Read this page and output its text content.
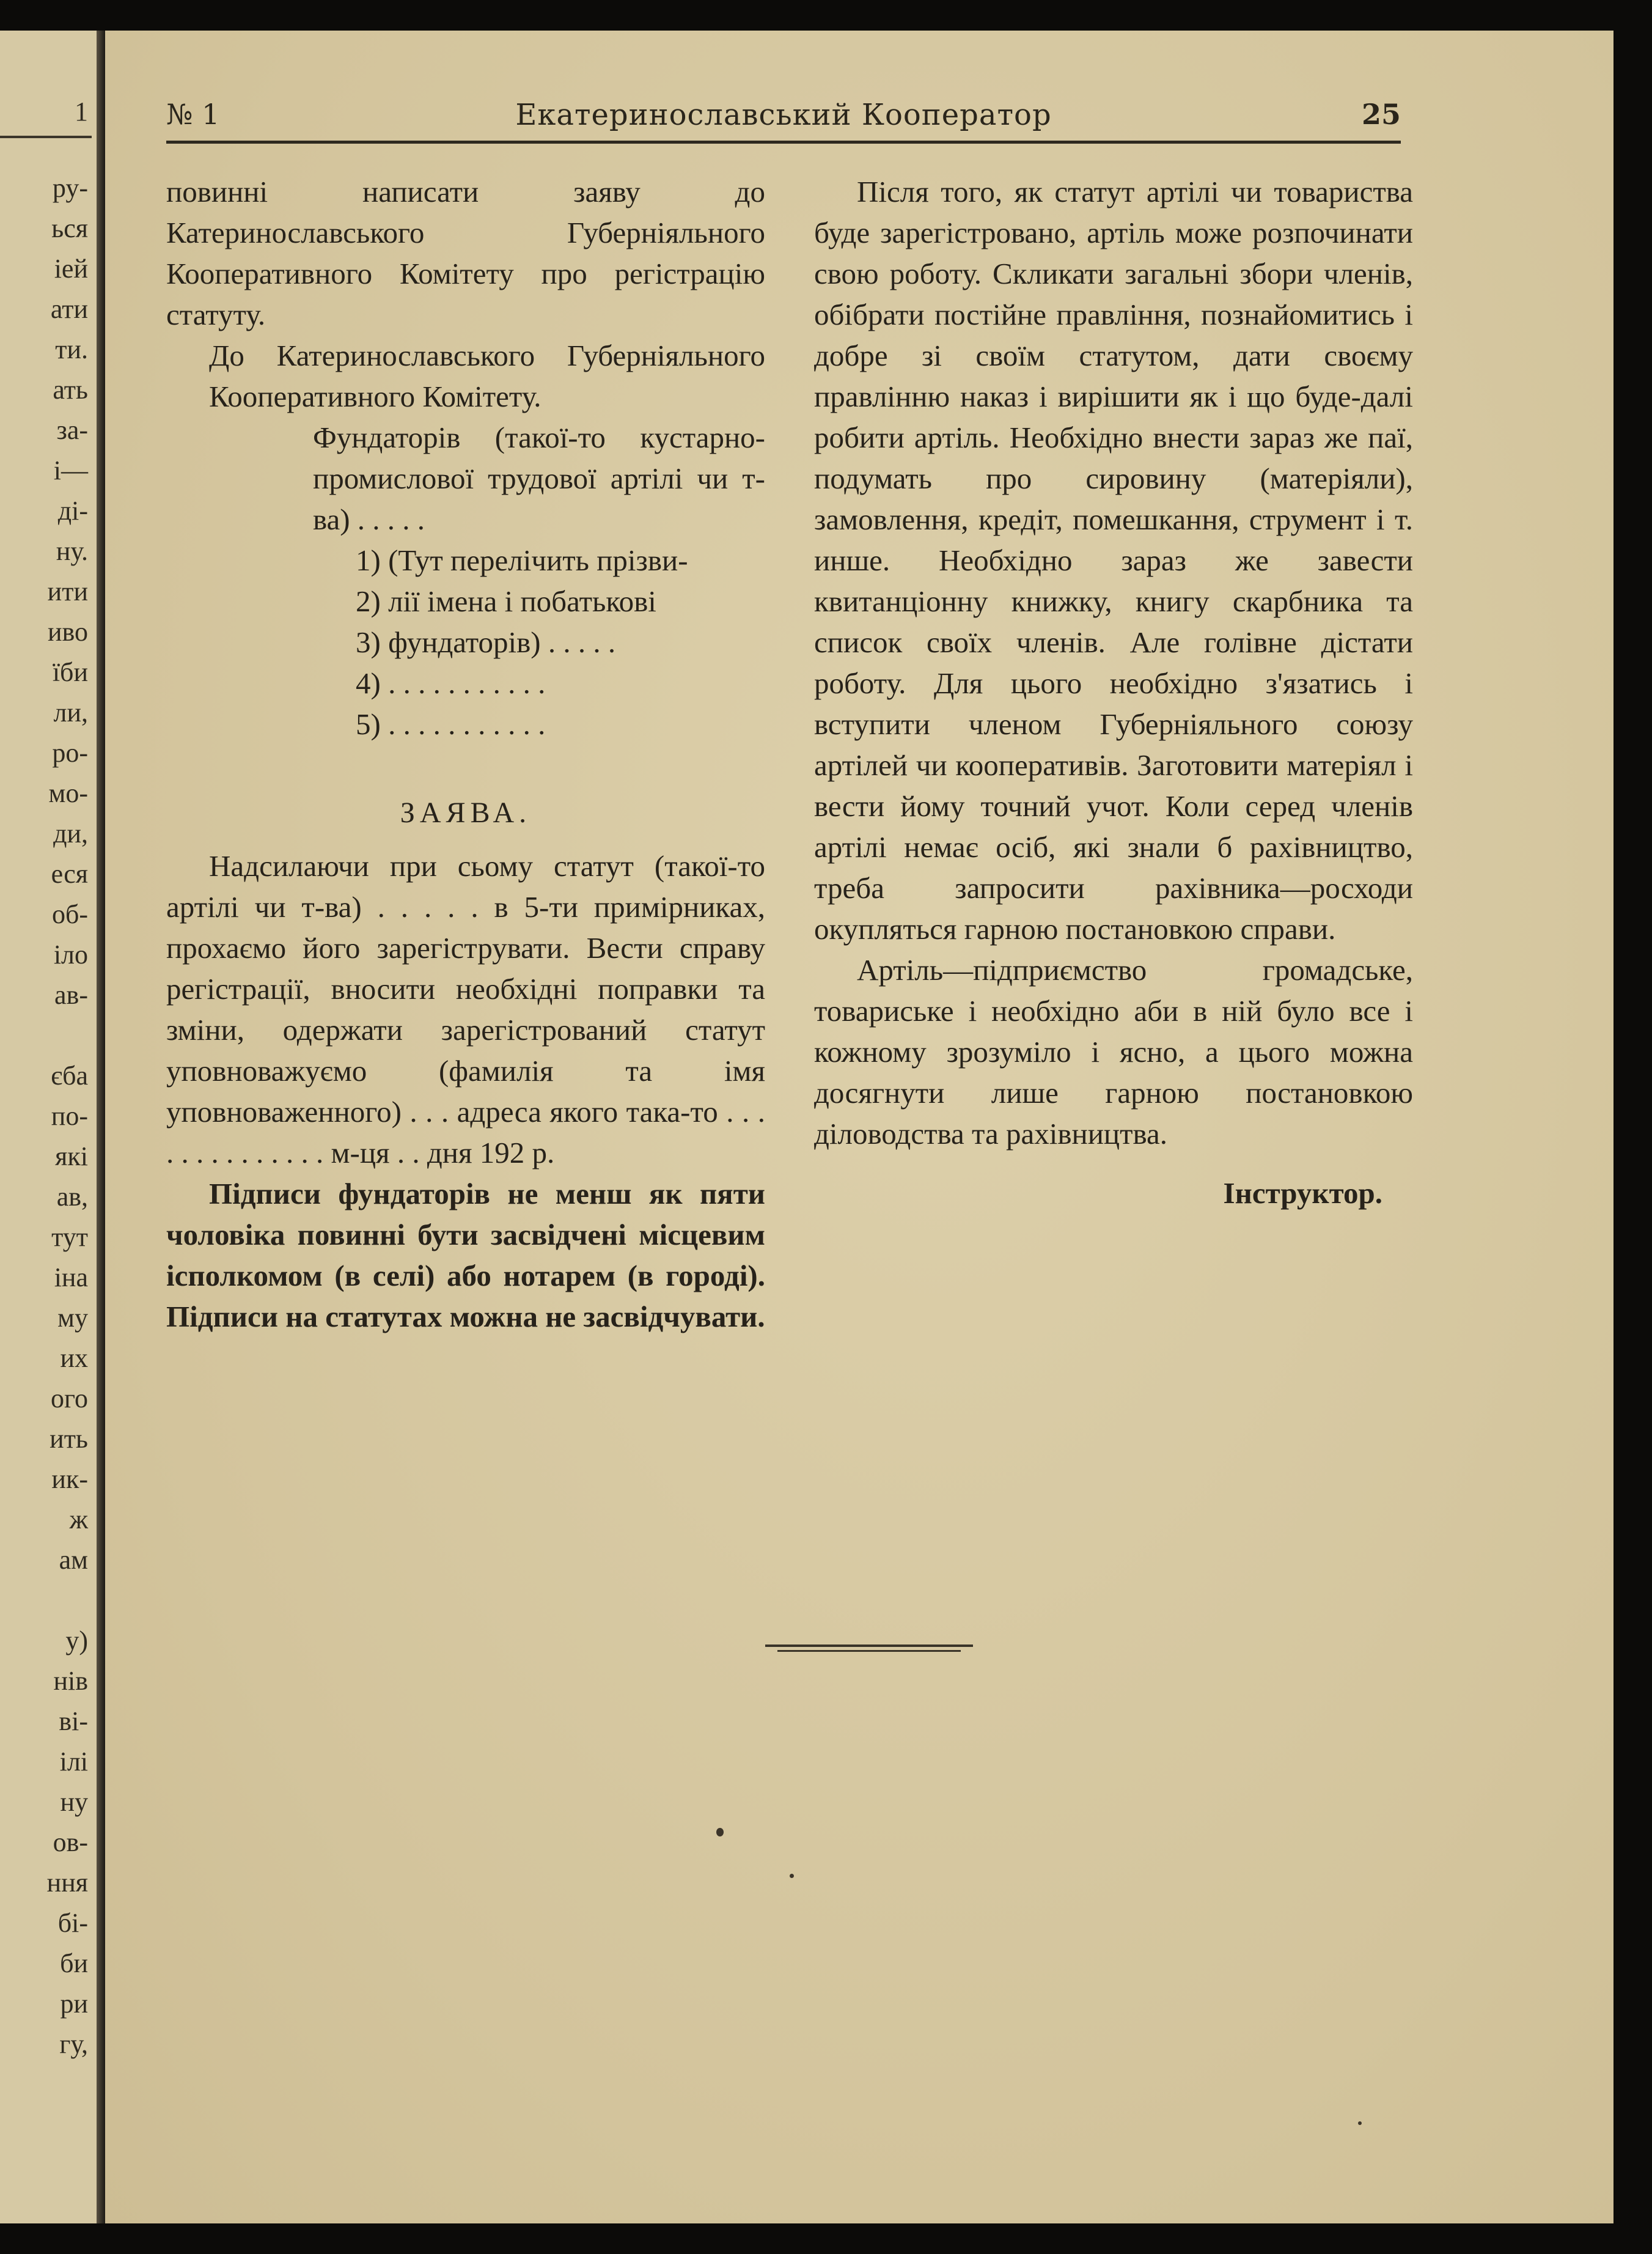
1
ру-
ься
іей
ати
ти.
ать
за-
і—
ді-
ну.
ити
иво
їби
ли,
ро-
мо-
ди,
еся
об-
іло
ав-

єба
по-
які
ав,
тут
іна
му
их
ого
ить
ик-
ж
ам

у)
нів
ві-
ілі
ну
ов-
ння
бі-
би
ри
гу,
№ 1	Екатеринославський Кооператор	25

повинні написати заяву до Катеринославського Губерніяльного Кооперативного Комітету про регістрацію статуту.

До Катеринославського Губерніяльного Кооперативного Комітету.

Фундаторів (такої-то кустарно-промислової трудової артілі чи т-ва) . . . . .

1) (Тут перелічить прізви-
2) лії імена і побатькові
3) фундаторів) . . . . .
4) . . . . . . . . . . .
5) . . . . . . . . . . .
ЗАЯВА.

Надсилаючи при сьому статут (такої-то артілі чи т-ва) . . . . . в 5-ти примірниках, прохаємо його зарегіструвати. Вести справу регістрації, вносити необхідні поправки та зміни, одержати зарегістрований статут уповноважуємо (фамилія та імя уповноваженного) . . . адреса якого така-то . . . . . . . . . . . . . . м-ця . . дня 192 р.

Підписи фундаторів не менш як пяти чоловіка повинні бути засвідчені місцевим ісполкомом (в селі) або нотарем (в городі). Підписи на статутах можна не засвідчувати.

Після того, як статут артілі чи товариства буде зарегістровано, артіль може розпочинати свою роботу. Скликати загальні збори членів, обібрати постійне правління, познайомитись і добре зі своїм статутом, дати своєму правлінню наказ і вирішити як і що буде-далі робити артіль. Необхідно внести зараз же паї, подумать про сировину (матеріяли), замовлення, кредіт, помешкання, струмент і т. инше. Необхідно зараз же завести квитанціонну книжку, книгу скарбника та список своїх членів. Але голівне дістати роботу. Для цього необхідно з'язатись і вступити членом Губерніяльного союзу артілей чи кооперативів. Заготовити матеріял і вести йому точний учот. Коли серед членів артілі немає осіб, які знали б рахівництво, треба запросити рахівника—росходи окупляться гарною постановкою справи.

Артіль—підприємство громадське, товариське і необхідно аби в ній було все і кожному зрозуміло і ясно, а цього можна досягнути лише гарною постановкою діловодства та рахівництва.

Інструктор.
